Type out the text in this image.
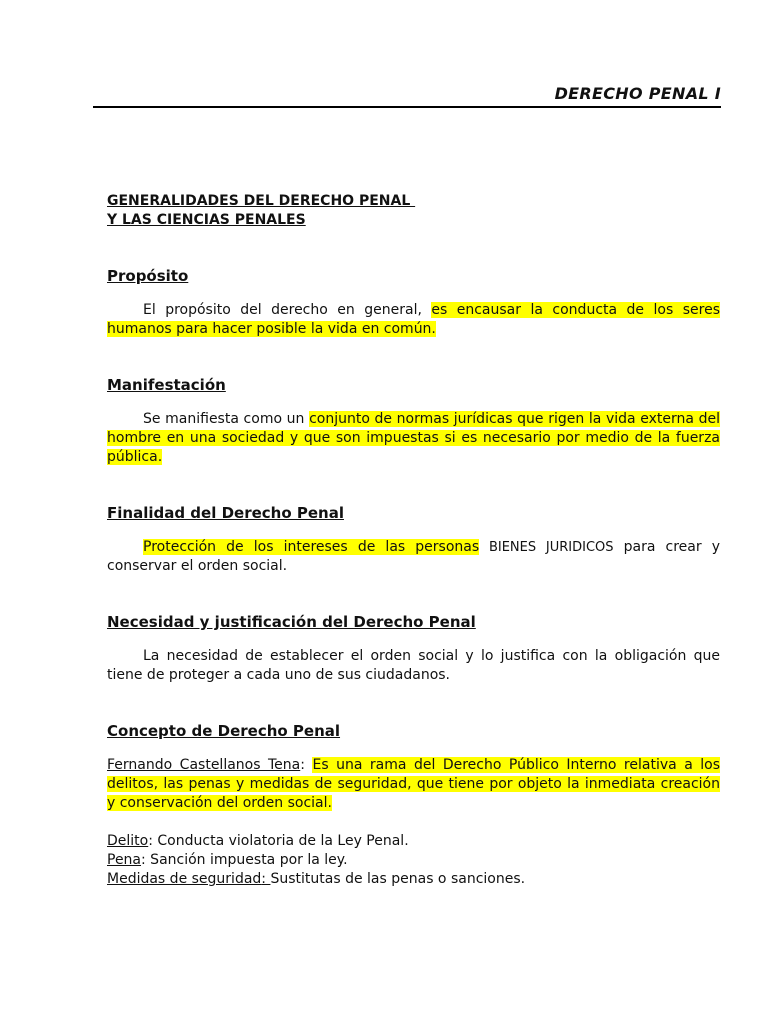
DERECHO PENAL I
GENERALIDADES DEL DERECHO PENAL
Y LAS CIENCIAS PENALES
Propósito

El propósito del derecho en general, es encausar la conducta de los seres humanos para hacer posible la vida en común.

Manifestación

Se manifiesta como un conjunto de normas jurídicas que rigen la vida externa del hombre en una sociedad y que son impuestas si es necesario por medio de la fuerza pública.

Finalidad del Derecho Penal

Protección de los intereses de las personas BIENES JURIDICOS para crear y conservar el orden social.

Necesidad y justificación del Derecho Penal

La necesidad de establecer el orden social y lo justifica con la obligación que tiene de proteger a cada uno de sus ciudadanos.

Concepto de Derecho Penal

Fernando Castellanos Tena: Es una rama del Derecho Público Interno relativa a los delitos, las penas y medidas de seguridad, que tiene por objeto la inmediata creación y conservación del orden social.

Delito: Conducta violatoria de la Ley Penal.
Pena: Sanción impuesta por la ley.
Medidas de seguridad: Sustitutas de las penas o sanciones.
